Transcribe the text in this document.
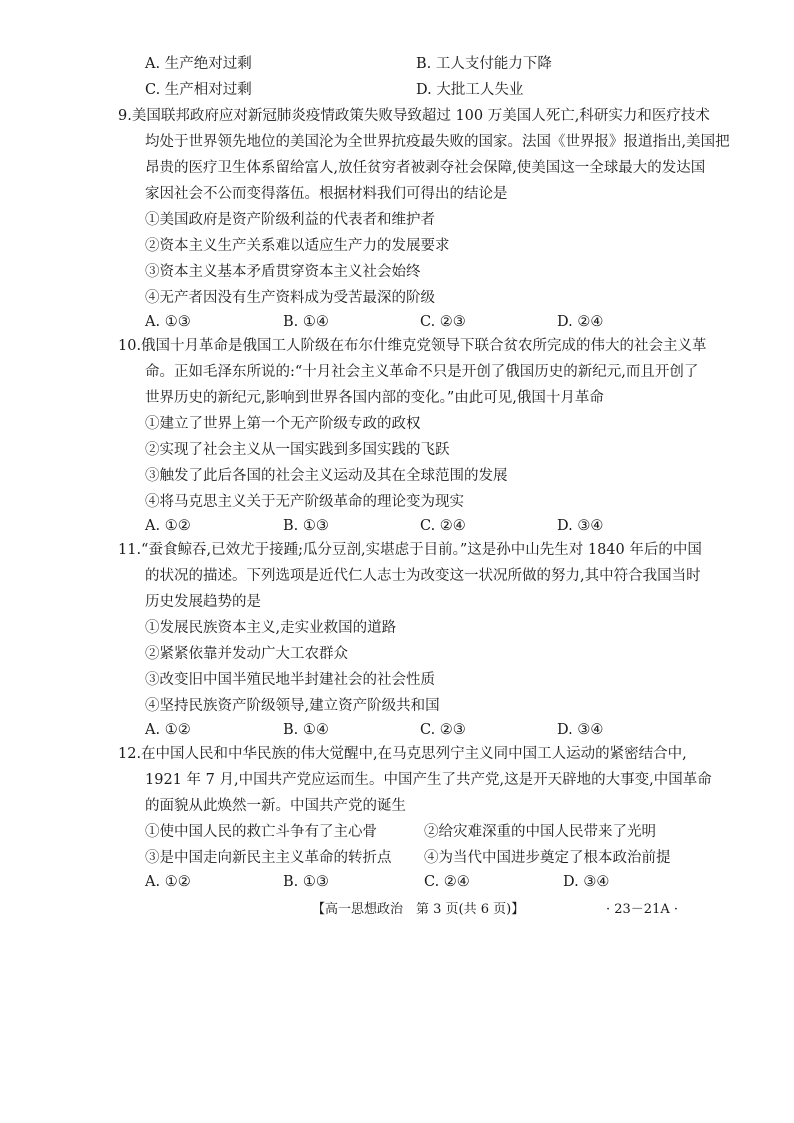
A. 生产绝对过剩	B. 工人支付能力下降
C. 生产相对过剩	D. 大批工人失业
9.美国联邦政府应对新冠肺炎疫情政策失败导致超过 100 万美国人死亡,科研实力和医疗技术
均处于世界领先地位的美国沦为全世界抗疫最失败的国家。法国《世界报》报道指出,美国把
昂贵的医疗卫生体系留给富人,放任贫穷者被剥夺社会保障,使美国这一全球最大的发达国
家因社会不公而变得落伍。根据材料我们可得出的结论是
①美国政府是资产阶级利益的代表者和维护者
②资本主义生产关系难以适应生产力的发展要求
③资本主义基本矛盾贯穿资本主义社会始终
④无产者因没有生产资料成为受苦最深的阶级
A. ①③	B. ①④	C. ②③	D. ②④
10.俄国十月革命是俄国工人阶级在布尔什维克党领导下联合贫农所完成的伟大的社会主义革
命。正如毛泽东所说的:“十月社会主义革命不只是开创了俄国历史的新纪元,而且开创了
世界历史的新纪元,影响到世界各国内部的变化。”由此可见,俄国十月革命
①建立了世界上第一个无产阶级专政的政权
②实现了社会主义从一国实践到多国实践的飞跃
③触发了此后各国的社会主义运动及其在全球范围的发展
④将马克思主义关于无产阶级革命的理论变为现实
A. ①②	B. ①③	C. ②④	D. ③④
11.“蚕食鲸吞,已效尤于接踵;瓜分豆剖,实堪虑于目前。”这是孙中山先生对 1840 年后的中国
的状况的描述。下列选项是近代仁人志士为改变这一状况所做的努力,其中符合我国当时
历史发展趋势的是
①发展民族资本主义,走实业救国的道路
②紧紧依靠并发动广大工农群众
③改变旧中国半殖民地半封建社会的社会性质
④坚持民族资产阶级领导,建立资产阶级共和国
A. ①②	B. ①④	C. ②③	D. ③④
12.在中国人民和中华民族的伟大觉醒中,在马克思列宁主义同中国工人运动的紧密结合中,
1921 年 7 月,中国共产党应运而生。中国产生了共产党,这是开天辟地的大事变,中国革命
的面貌从此焕然一新。中国共产党的诞生
①使中国人民的救亡斗争有了主心骨	②给灾难深重的中国人民带来了光明
③是中国走向新民主主义革命的转折点 ④为当代中国进步奠定了根本政治前提
A. ①②	B. ①③	C. ②④	D. ③④
【高一思想政治　第 3 页(共 6 页)】	· 23－21A ·
